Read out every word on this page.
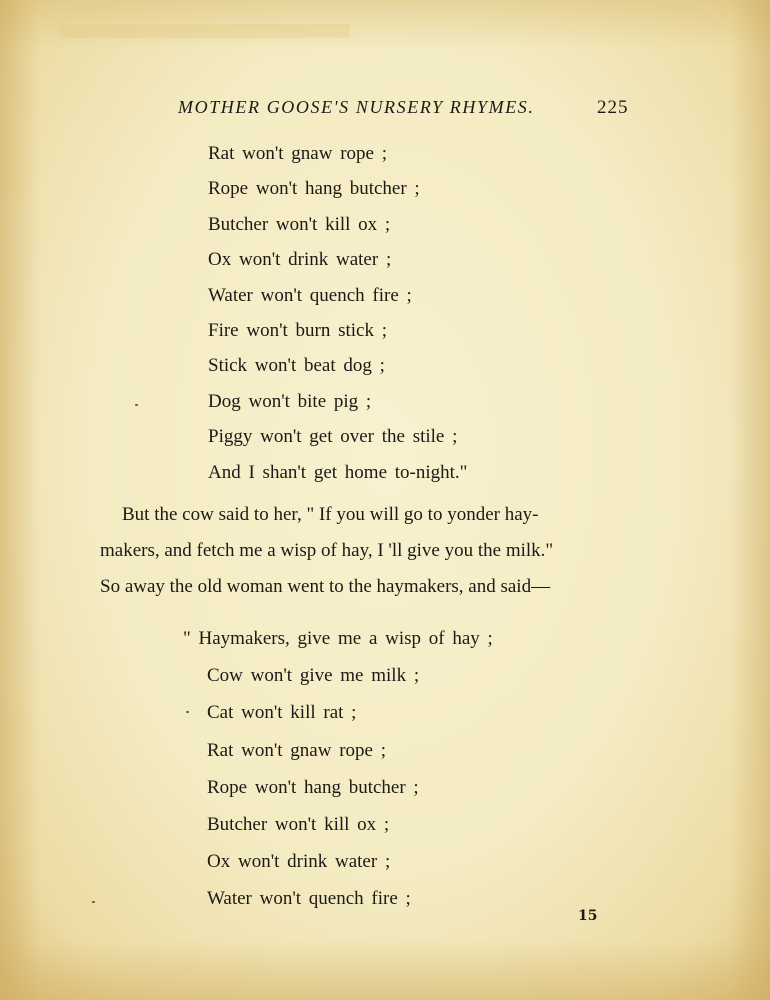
MOTHER GOOSE'S NURSERY RHYMES.	225
Rat won't gnaw rope ;
Rope won't hang butcher ;
Butcher won't kill ox ;
Ox won't drink water ;
Water won't quench fire ;
Fire won't burn stick ;
Stick won't beat dog ;
Dog won't bite pig ;
Piggy won't get over the stile ;
And I shan't get home to-night."

But the cow said to her, " If you will go to yonder hay-

makers, and fetch me a wisp of hay, I 'll give you the milk."

So away the old woman went to the haymakers, and said—

" Haymakers, give me a wisp of hay ;
Cow won't give me milk ;
Cat won't kill rat ;
Rat won't gnaw rope ;
Rope won't hang butcher ;
Butcher won't kill ox ;
Ox won't drink water ;
Water won't quench fire ;
15
